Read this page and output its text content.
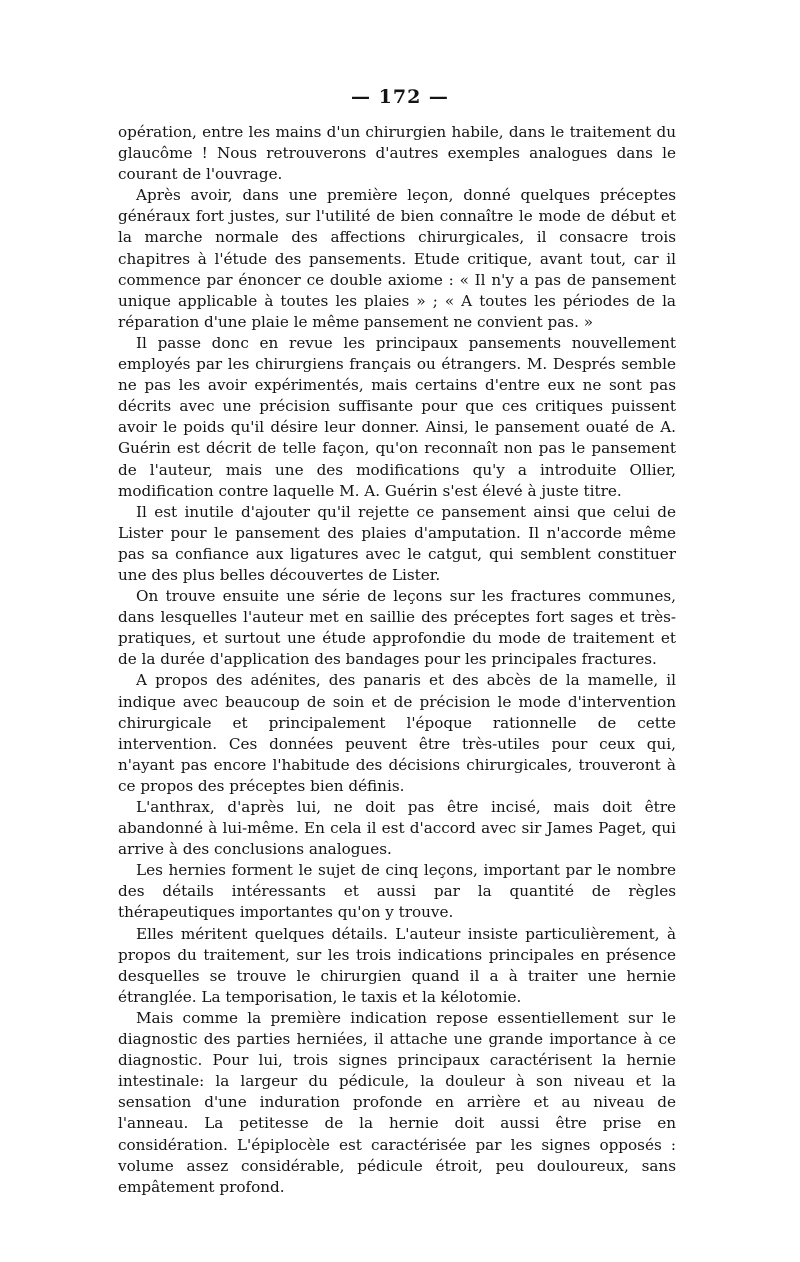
— 172 —

opération, entre les mains d'un chirurgien habile, dans le traitement du glaucôme ! Nous retrouverons d'autres exemples analogues dans le courant de l'ouvrage.

Après avoir, dans une première leçon, donné quelques préceptes généraux fort justes, sur l'utilité de bien connaître le mode de début et la marche normale des affections chirurgicales, il consacre trois chapitres à l'étude des pansements. Etude critique, avant tout, car il commence par énoncer ce double axiome : « Il n'y a pas de pansement unique applicable à toutes les plaies » ; « A toutes les périodes de la réparation d'une plaie le même pansement ne convient pas. »

Il passe donc en revue les principaux pansements nouvellement employés par les chirurgiens français ou étrangers. M. Després semble ne pas les avoir expérimentés, mais certains d'entre eux ne sont pas décrits avec une précision suffisante pour que ces critiques puissent avoir le poids qu'il désire leur donner. Ainsi, le pansement ouaté de A. Guérin est décrit de telle façon, qu'on reconnaît non pas le pansement de l'auteur, mais une des modifications qu'y a introduite Ollier, modification contre laquelle M. A. Guérin s'est élevé à juste titre.

Il est inutile d'ajouter qu'il rejette ce pansement ainsi que celui de Lister pour le pansement des plaies d'amputation. Il n'accorde même pas sa confiance aux ligatures avec le catgut, qui semblent constituer une des plus belles découvertes de Lister.

On trouve ensuite une série de leçons sur les fractures communes, dans lesquelles l'auteur met en saillie des préceptes fort sages et très-pratiques, et surtout une étude approfondie du mode de traitement et de la durée d'application des bandages pour les principales fractures.

A propos des adénites, des panaris et des abcès de la mamelle, il indique avec beaucoup de soin et de précision le mode d'intervention chirurgicale et principalement l'époque rationnelle de cette intervention. Ces données peuvent être très-utiles pour ceux qui, n'ayant pas encore l'habitude des décisions chirurgicales, trouveront à ce propos des préceptes bien définis.

L'anthrax, d'après lui, ne doit pas être incisé, mais doit être abandonné à lui-même. En cela il est d'accord avec sir James Paget, qui arrive à des conclusions analogues.

Les hernies forment le sujet de cinq leçons, important par le nombre des détails intéressants et aussi par la quantité de règles thérapeutiques importantes qu'on y trouve.

Elles méritent quelques détails. L'auteur insiste particulièrement, à propos du traitement, sur les trois indications principales en présence desquelles se trouve le chirurgien quand il a à traiter une hernie étranglée. La temporisation, le taxis et la kélotomie.

Mais comme la première indication repose essentiellement sur le diagnostic des parties herniées, il attache une grande importance à ce diagnostic. Pour lui, trois signes principaux caractérisent la hernie intestinale: la largeur du pédicule, la douleur à son niveau et la sensation d'une induration profonde en arrière et au niveau de l'anneau. La petitesse de la hernie doit aussi être prise en considération. L'épiplocèle est caractérisée par les signes opposés : volume assez considérable, pédicule étroit, peu douloureux, sans empâtement profond.
